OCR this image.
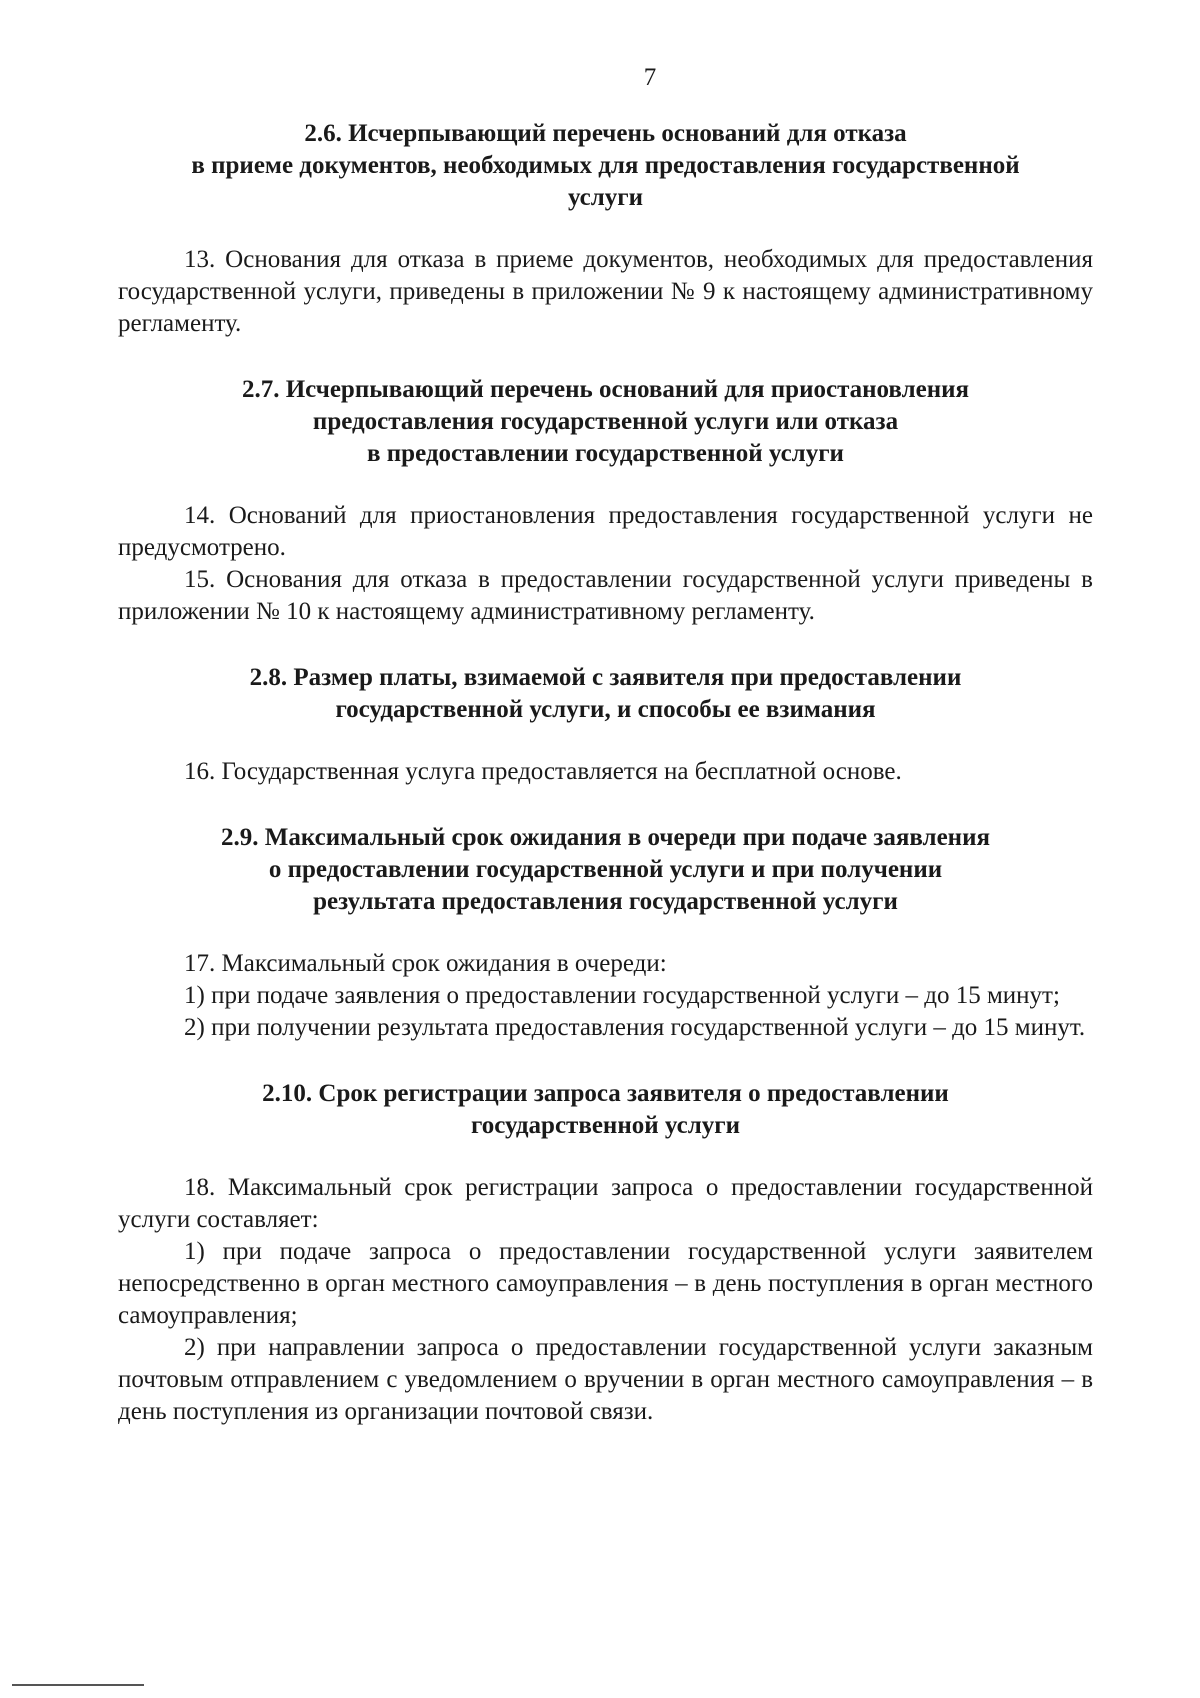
7
2.6. Исчерпывающий перечень оснований для отказа
в приеме документов, необходимых для предоставления государственной
услуги

13. Основания для отказа в приеме документов, необходимых для предоставления государственной услуги, приведены в приложении № 9 к настоящему административному регламенту.

2.7. Исчерпывающий перечень оснований для приостановления
предоставления государственной услуги или отказа
в предоставлении государственной услуги

14. Оснований для приостановления предоставления государственной услуги не предусмотрено.

15. Основания для отказа в предоставлении государственной услуги приведены в приложении № 10 к настоящему административному регламенту.

2.8. Размер платы, взимаемой с заявителя при предоставлении
государственной услуги, и способы ее взимания

16. Государственная услуга предоставляется на бесплатной основе.

2.9. Максимальный срок ожидания в очереди при подаче заявления
о предоставлении государственной услуги и при получении
результата предоставления государственной услуги

17. Максимальный срок ожидания в очереди:

1) при подаче заявления о предоставлении государственной услуги – до 15 минут;

2) при получении результата предоставления государственной услуги – до 15 минут.

2.10. Срок регистрации запроса заявителя о предоставлении
государственной услуги

18. Максимальный срок регистрации запроса о предоставлении государственной услуги составляет:

1) при подаче запроса о предоставлении государственной услуги заявителем непосредственно в орган местного самоуправления – в день поступления в орган местного самоуправления;

2) при направлении запроса о предоставлении государственной услуги заказным почтовым отправлением с уведомлением о вручении в орган местного самоуправления – в день поступления из организации почтовой связи.
